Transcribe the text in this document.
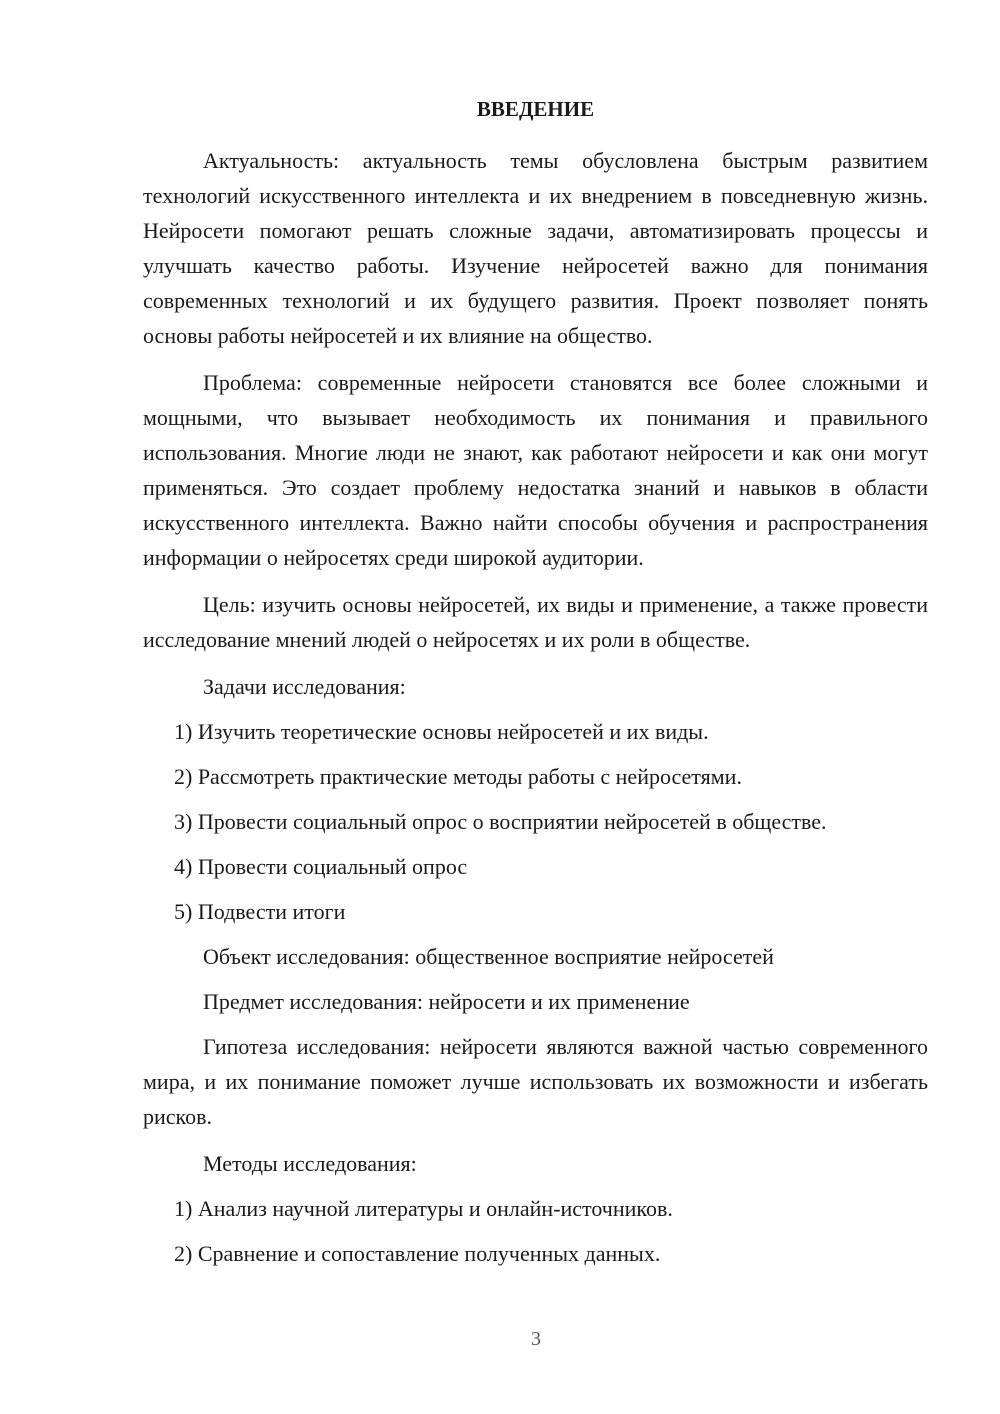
ВВЕДЕНИЕ

Актуальность: актуальность темы обусловлена быстрым развитием технологий искусственного интеллекта и их внедрением в повседневную жизнь. Нейросети помогают решать сложные задачи, автоматизировать процессы и улучшать качество работы. Изучение нейросетей важно для понимания современных технологий и их будущего развития. Проект позволяет понять основы работы нейросетей и их влияние на общество.

Проблема: современные нейросети становятся все более сложными и мощными, что вызывает необходимость их понимания и правильного использования. Многие люди не знают, как работают нейросети и как они могут применяться. Это создает проблему недостатка знаний и навыков в области искусственного интеллекта. Важно найти способы обучения и распространения информации о нейросетях среди широкой аудитории.

Цель: изучить основы нейросетей, их виды и применение, а также провести исследование мнений людей о нейросетях и их роли в обществе.

Задачи исследования:

1) Изучить теоретические основы нейросетей и их виды.

2) Рассмотреть практические методы работы с нейросетями.

3) Провести социальный опрос о восприятии нейросетей в обществе.

4) Провести социальный опрос

5) Подвести итоги

Объект исследования: общественное восприятие нейросетей

Предмет исследования: нейросети и их применение

Гипотеза исследования: нейросети являются важной частью современного мира, и их понимание поможет лучше использовать их возможности и избегать рисков.

Методы исследования:

1) Анализ научной литературы и онлайн-источников.

2) Сравнение и сопоставление полученных данных.

3
